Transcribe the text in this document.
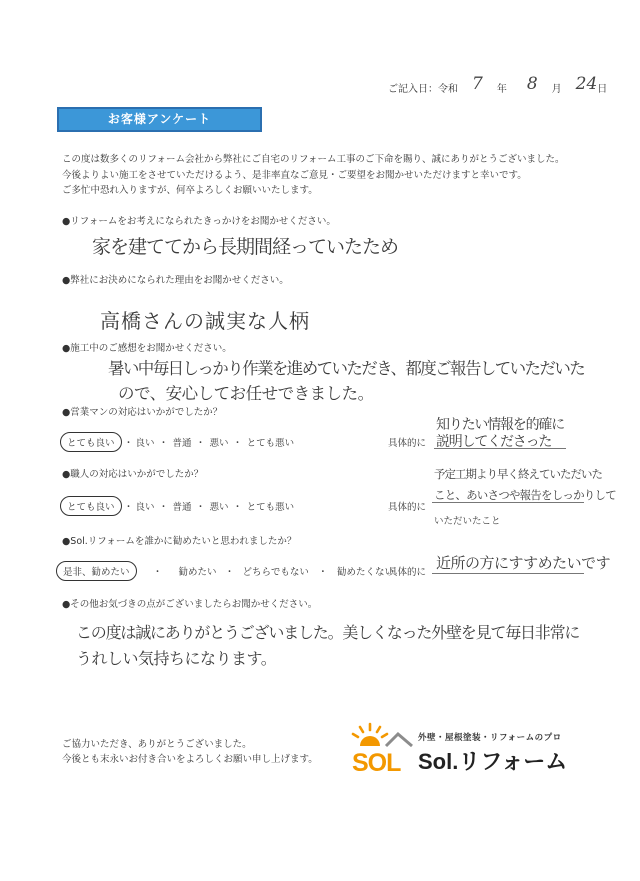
ご記入日：令和 7 年 8 月 24日
お客様アンケート
この度は数多くのリフォーム会社から弊社にご自宅のリフォーム工事のご下命を賜り、誠にありがとうございました。
今後よりよい施工をさせていただけるよう、是非率直なご意見・ご要望をお聞かせいただけますと幸いです。
ご多忙中恐れ入りますが、何卒よろしくお願いいたします。
●リフォームをお考えになられたきっかけをお聞かせください。
家を建ててから長期間経っていたため
●弊社にお決めになられた理由をお聞かせください。
高橋さんの誠実な人柄
●施工中のご感想をお聞かせください。
暑い中毎日しっかり作業を進めていただき、都度ご報告していただいた
ので、安心してお任せできました。
●営業マンの対応はいかがでしたか？
とても良い ・ 良い ・ 普通 ・ 悪い ・ とても悪い	具体的に
知りたい情報を的確に
説明してくださった
●職人の対応はいかがでしたか？
とても良い ・ 良い ・ 普通 ・ 悪い ・ とても悪い	具体的に
予定工期より早く終えていただいた
こと、あいさつや報告をしっかりして
いただいたこと
●Sol.リフォームを誰かに勧めたいと思われましたか？
是非、勧めたい ・ 勧めたい ・ どちらでもない ・ 勧めたくない
具体的に
近所の方にすすめたいです
●その他お気づきの点がございましたらお聞かせください。
この度は誠にありがとうございました。美しくなった外壁を見て毎日非常に
うれしい気持ちになります。
ご協力いただき、ありがとうございました。
今後とも末永いお付き合いをよろしくお願い申し上げます。 SOL
外壁・屋根塗装・リフォームのプロ
Sol.リフォーム
